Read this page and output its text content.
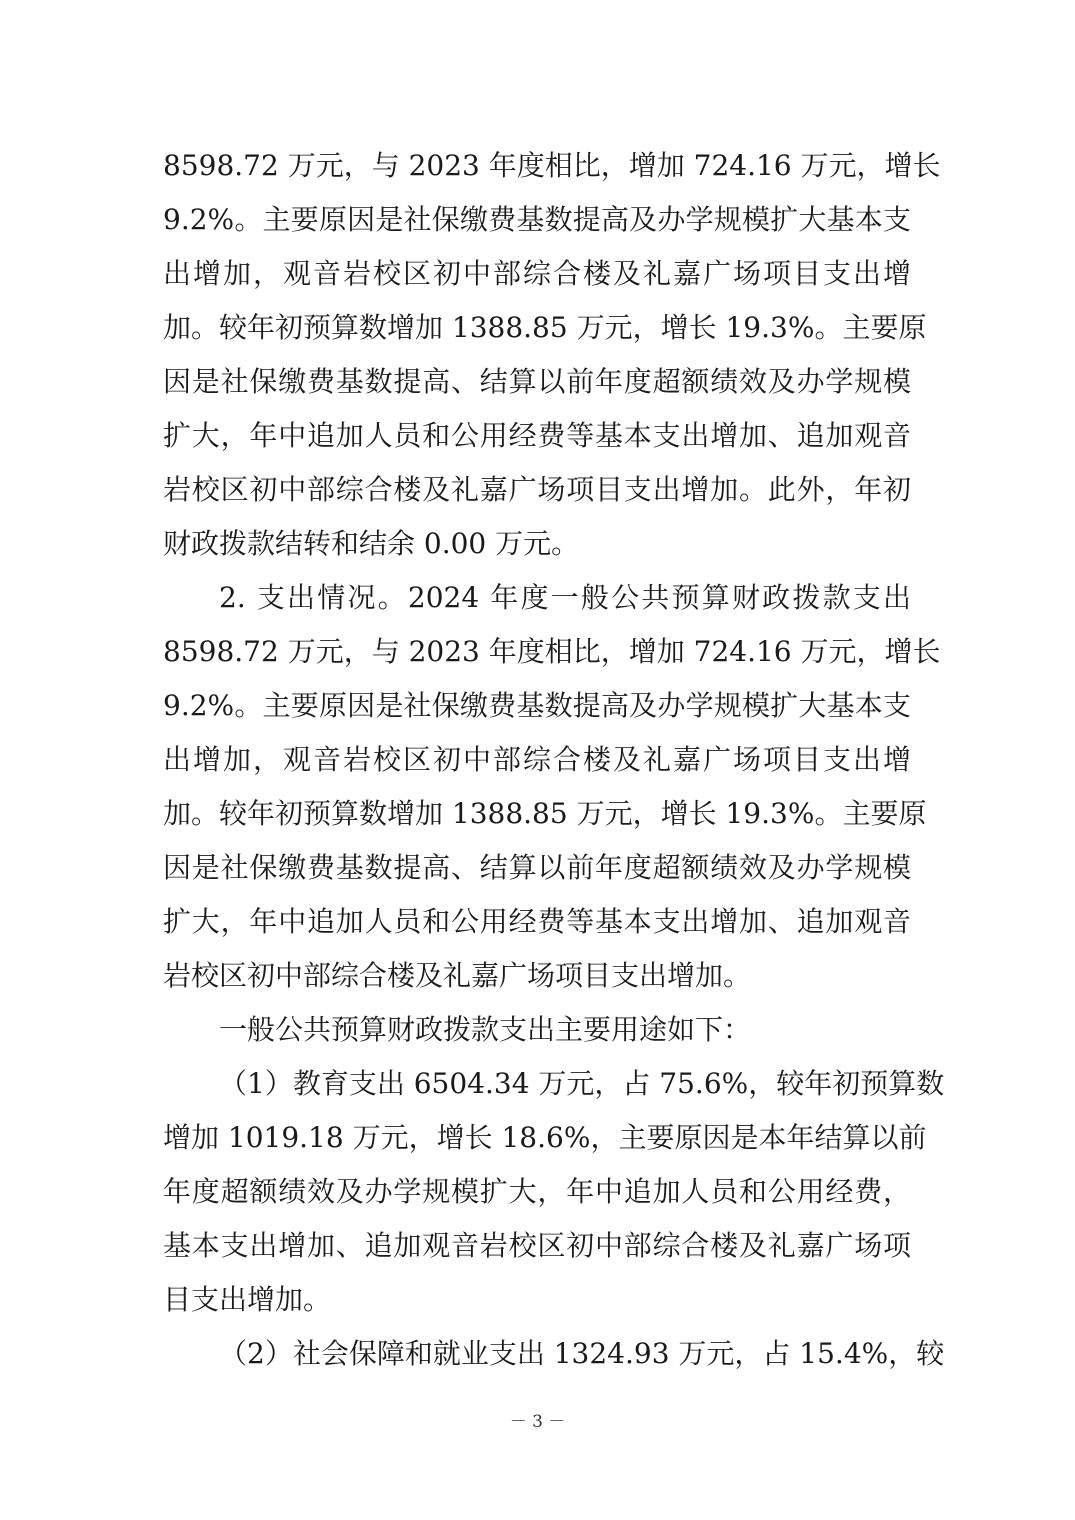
8598.72 万元，与 2023 年度相比，增加 724.16 万元，增长
9.2%。主要原因是社保缴费基数提高及办学规模扩大基本支
出增加，观音岩校区初中部综合楼及礼嘉广场项目支出增
加。较年初预算数增加 1388.85 万元，增长 19.3%。主要原
因是社保缴费基数提高、结算以前年度超额绩效及办学规模
扩大，年中追加人员和公用经费等基本支出增加、追加观音
岩校区初中部综合楼及礼嘉广场项目支出增加。此外，年初
财政拨款结转和结余 0.00 万元。
2. 支出情况。2024 年度一般公共预算财政拨款支出
8598.72 万元，与 2023 年度相比，增加 724.16 万元，增长
9.2%。主要原因是社保缴费基数提高及办学规模扩大基本支
出增加，观音岩校区初中部综合楼及礼嘉广场项目支出增
加。较年初预算数增加 1388.85 万元，增长 19.3%。主要原
因是社保缴费基数提高、结算以前年度超额绩效及办学规模
扩大，年中追加人员和公用经费等基本支出增加、追加观音
岩校区初中部综合楼及礼嘉广场项目支出增加。
一般公共预算财政拨款支出主要用途如下：
（1）教育支出 6504.34 万元，占 75.6%，较年初预算数
增加 1019.18 万元，增长 18.6%，主要原因是本年结算以前
年度超额绩效及办学规模扩大，年中追加人员和公用经费，
基本支出增加、追加观音岩校区初中部综合楼及礼嘉广场项
目支出增加。
（2）社会保障和就业支出 1324.93 万元，占 15.4%，较
－ 3 －
